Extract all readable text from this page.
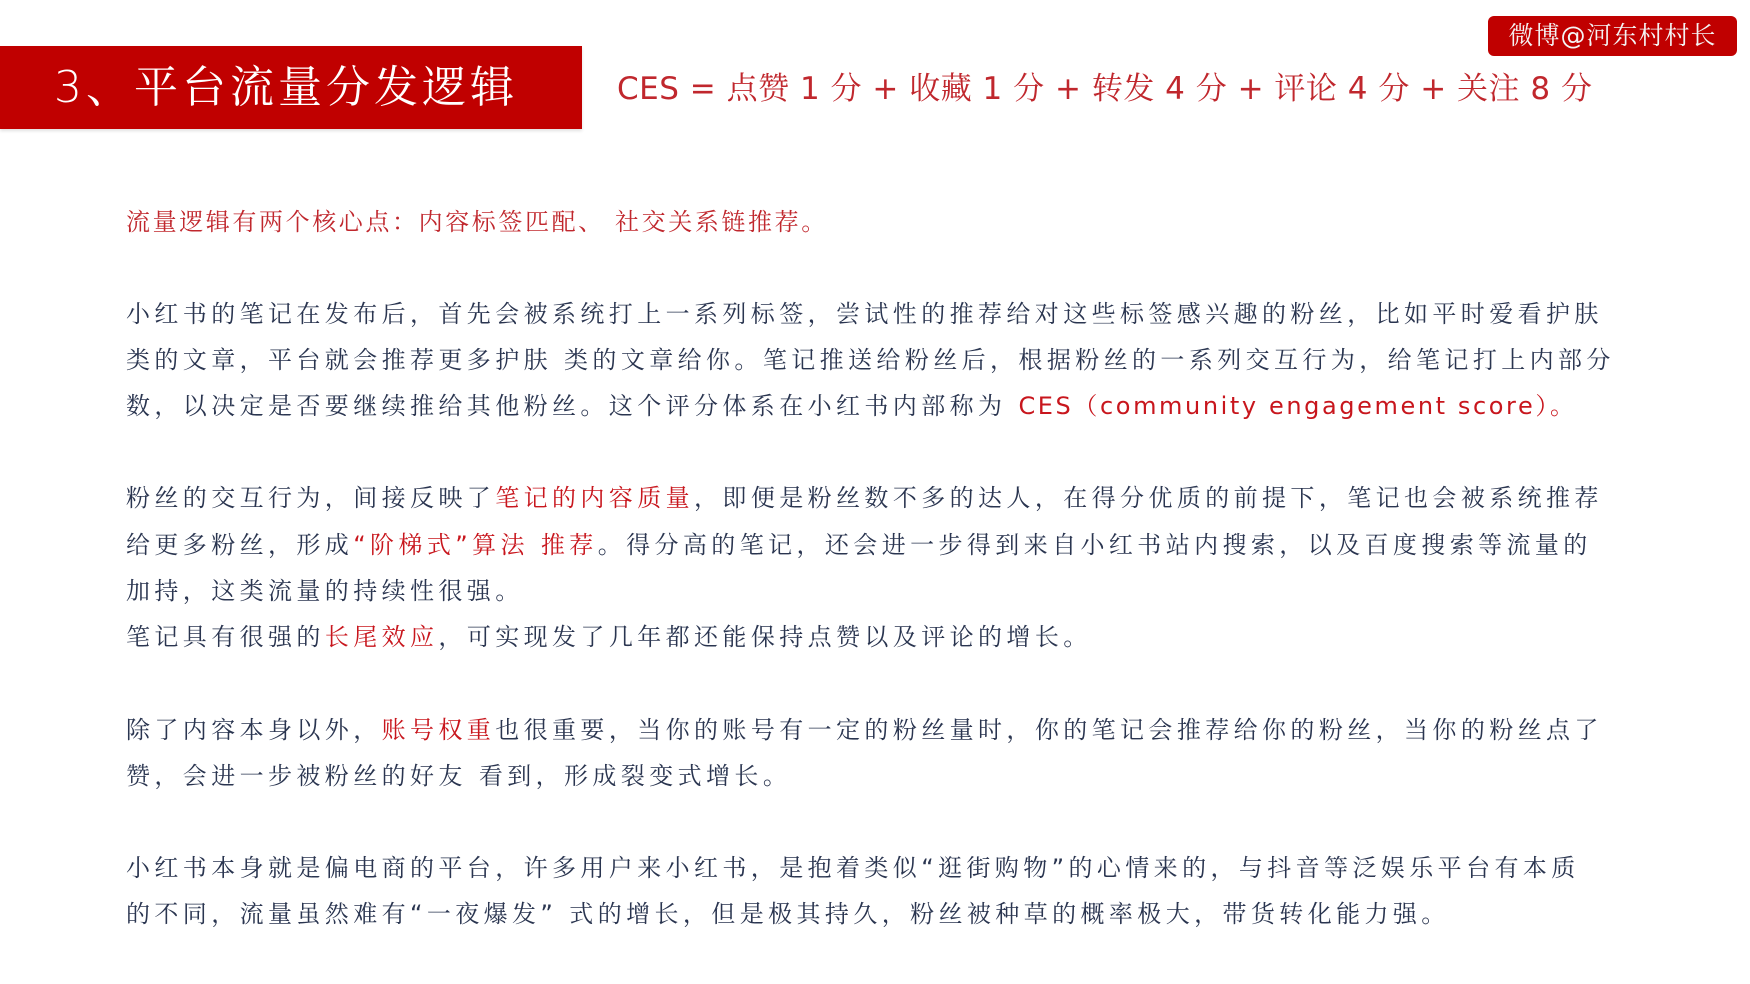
3、平台流量分发逻辑	CES = 点赞 1 分 + 收藏 1 分 + 转发 4 分 + 评论 4 分 + 关注 8 分
微博@河东村村长
流量逻辑有两个核心点：内容标签匹配、 社交关系链推荐。
小红书的笔记在发布后，首先会被系统打上一系列标签，尝试性的推荐给对这些标签感兴趣的粉丝，比如平时爱看护肤
类的文章，平台就会推荐更多护肤 类的文章给你。笔记推送给粉丝后，根据粉丝的一系列交互行为，给笔记打上内部分
数，以决定是否要继续推给其他粉丝。这个评分体系在小红书内部称为 CES（community engagement score）。
粉丝的交互行为，间接反映了笔记的内容质量，即便是粉丝数不多的达人，在得分优质的前提下，笔记也会被系统推荐
给更多粉丝，形成“阶梯式”算法 推荐。得分高的笔记，还会进一步得到来自小红书站内搜索，以及百度搜索等流量的
加持，这类流量的持续性很强。
笔记具有很强的长尾效应，可实现发了几年都还能保持点赞以及评论的增长。
除了内容本身以外，账号权重也很重要，当你的账号有一定的粉丝量时，你的笔记会推荐给你的粉丝，当你的粉丝点了
赞，会进一步被粉丝的好友 看到，形成裂变式增长。
小红书本身就是偏电商的平台，许多用户来小红书，是抱着类似“逛街购物”的心情来的，与抖音等泛娱乐平台有本质
的不同，流量虽然难有“一夜爆发” 式的增长，但是极其持久，粉丝被种草的概率极大，带货转化能力强。
